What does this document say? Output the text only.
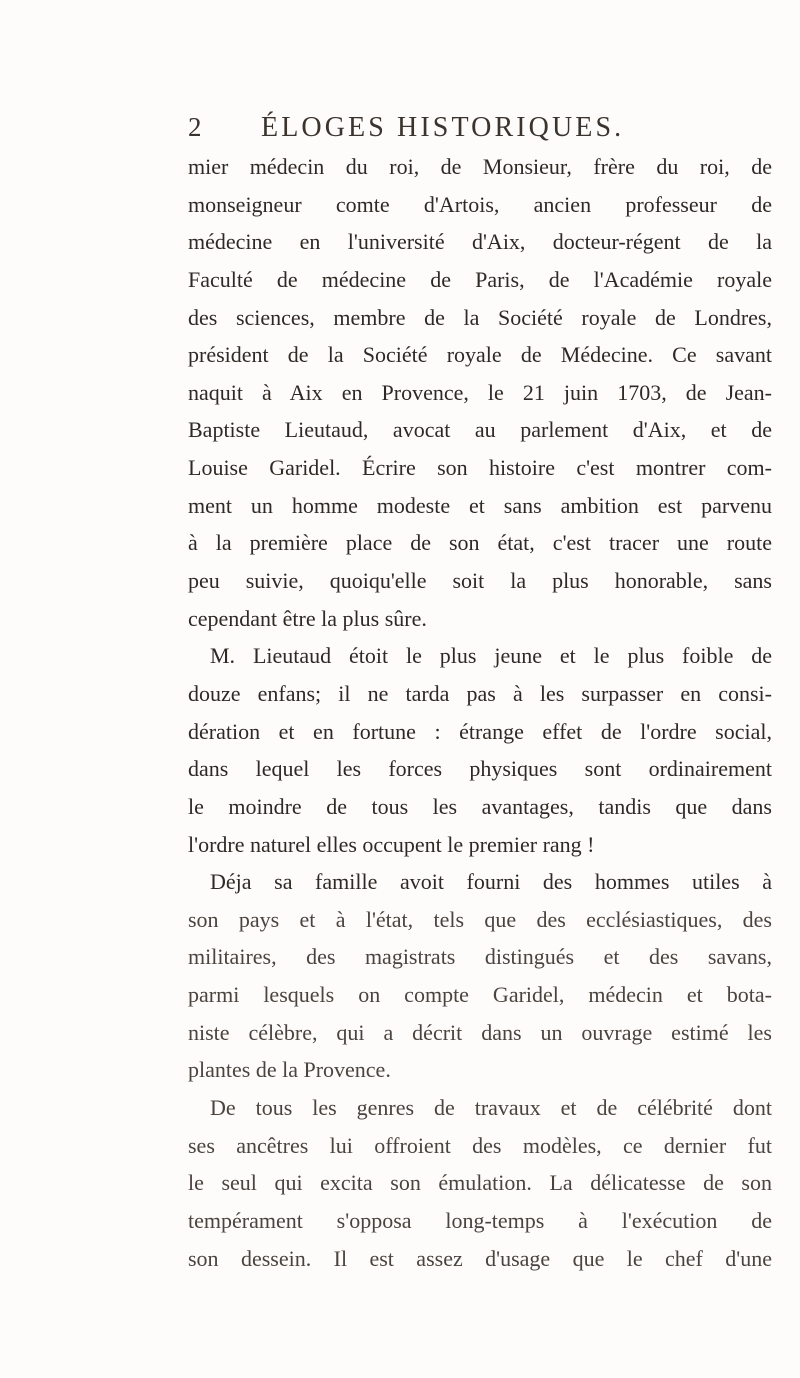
2 ÉLOGES HISTORIQUES.
mier médecin du roi, de Monsieur, frère du roi, de
monseigneur comte d'Artois, ancien professeur de
médecine en l'université d'Aix, docteur-régent de la
Faculté de médecine de Paris, de l'Académie royale
des sciences, membre de la Société royale de Londres,
président de la Société royale de Médecine. Ce savant
naquit à Aix en Provence, le 21 juin 1703, de Jean-
Baptiste Lieutaud, avocat au parlement d'Aix, et de
Louise Garidel. Écrire son histoire c'est montrer com-
ment un homme modeste et sans ambition est parvenu
à la première place de son état, c'est tracer une route
peu suivie, quoiqu'elle soit la plus honorable, sans
cependant être la plus sûre.
M. Lieutaud étoit le plus jeune et le plus foible de
douze enfans; il ne tarda pas à les surpasser en consi-
dération et en fortune : étrange effet de l'ordre social,
dans lequel les forces physiques sont ordinairement
le moindre de tous les avantages, tandis que dans
l'ordre naturel elles occupent le premier rang !
Déja sa famille avoit fourni des hommes utiles à
son pays et à l'état, tels que des ecclésiastiques, des
militaires, des magistrats distingués et des savans,
parmi lesquels on compte Garidel, médecin et bota-
niste célèbre, qui a décrit dans un ouvrage estimé les
plantes de la Provence.
De tous les genres de travaux et de célébrité dont
ses ancêtres lui offroient des modèles, ce dernier fut
le seul qui excita son émulation. La délicatesse de son
tempérament s'opposa long-temps à l'exécution de
son dessein. Il est assez d'usage que le chef d'une
